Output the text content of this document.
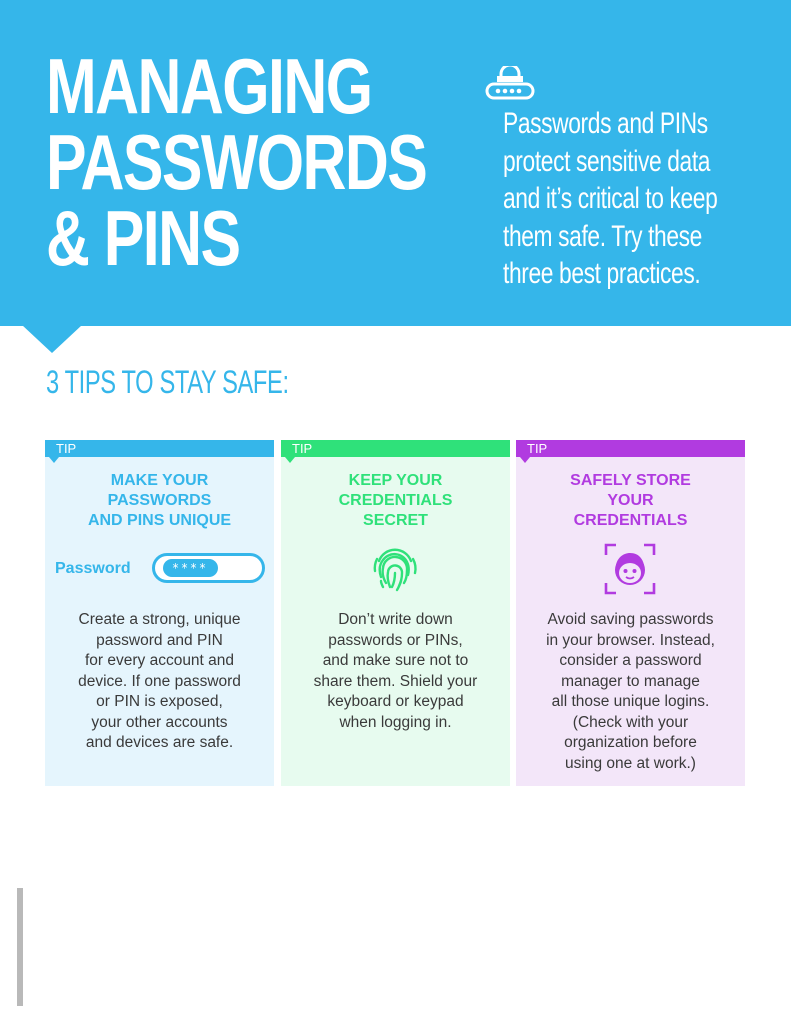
MANAGING
PASSWORDS
& PINS
Passwords and PINs
protect sensitive data
and it’s critical to keep
them safe. Try these
three best practices.
3 TIPS TO STAY SAFE:
TIP
MAKE YOUR
PASSWORDS
AND PINS UNIQUE
Password	****
Create a strong, unique
password and PIN
for every account and
device. If one password
or PIN is exposed,
your other accounts
and devices are safe.
TIP
KEEP YOUR
CREDENTIALS
SECRET
Don’t write down
passwords or PINs,
and make sure not to
share them. Shield your
keyboard or keypad
when logging in.
TIP
SAFELY STORE
YOUR
CREDENTIALS
Avoid saving passwords
in your browser. Instead,
consider a password
manager to manage
all those unique logins.
(Check with your
organization before
using one at work.)
